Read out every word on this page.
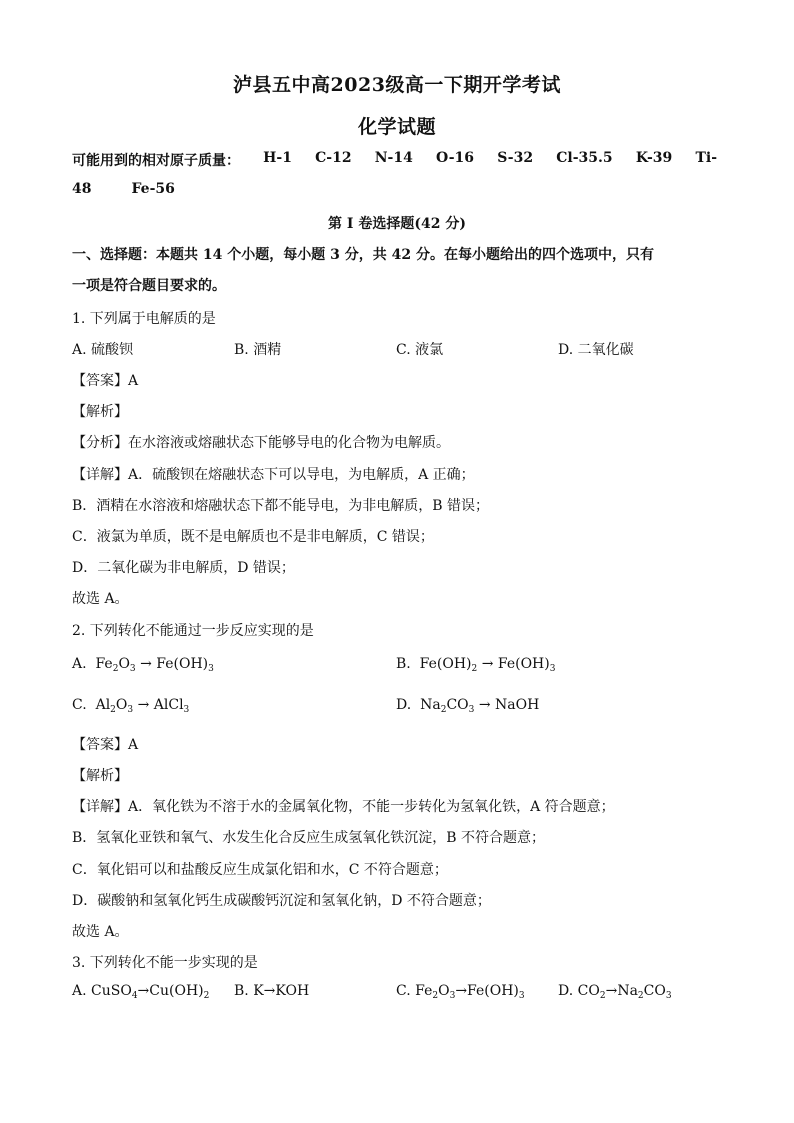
泸县五中高2023级高一下期开学考试
化学试题
可能用到的相对原子质量： H-1 C-12 N-14 O-16 S-32 Cl-35.5 K-39 Ti-
48	Fe-56
第 I 卷选择题(42 分)
一、选择题：本题共 14 个小题，每小题 3 分，共 42 分。在每小题给出的四个选项中，只有
一项是符合题目要求的。
1. 下列属于电解质的是
A. 硫酸钡	B. 酒精	C. 液氯	D. 二氧化碳
【答案】A
【解析】
【分析】在水溶液或熔融状态下能够导电的化合物为电解质。
【详解】A．硫酸钡在熔融状态下可以导电，为电解质，A 正确；
B．酒精在水溶液和熔融状态下都不能导电，为非电解质，B 错误；
C．液氯为单质，既不是电解质也不是非电解质，C 错误；
D．二氧化碳为非电解质，D 错误；
故选 A。
2. 下列转化不能通过一步反应实现的是
A. $Fe_2O_3 \to Fe(OH)_3$	B. $Fe(OH)_2 \to Fe(OH)_3$
C. $Al_2O_3$ → AlCl$_3$	D. $Na_2CO_3$ → NaOH
【答案】A
【解析】
【详解】A．氧化铁为不溶于水的金属氧化物，不能一步转化为氢氧化铁，A 符合题意；
B．氢氧化亚铁和氧气、水发生化合反应生成氢氧化铁沉淀，B 不符合题意；
C．氧化铝可以和盐酸反应生成氯化铝和水，C 不符合题意；
D．碳酸钠和氢氧化钙生成碳酸钙沉淀和氢氧化钠，D 不符合题意；
故选 A。
3. 下列转化不能一步实现的是
A. $CuSO_4\to Cu(OH)_2$ B. K→KOH	C. $Fe_2O_3\to Fe(OH)_3$ D. $CO_2\to Na_2CO_3$
